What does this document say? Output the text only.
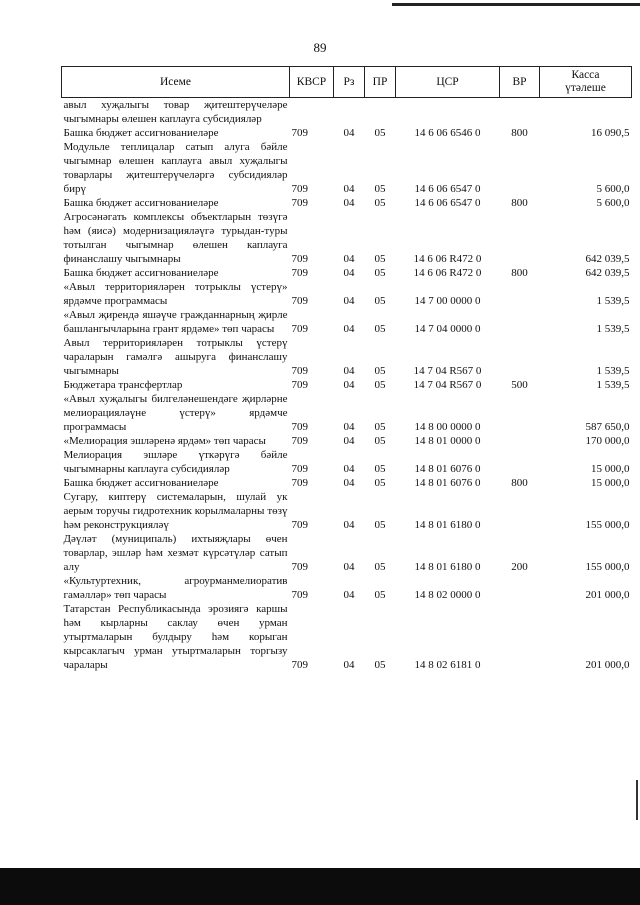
89
Исеме	КВСР	Рз	ПР	ЦСР	ВР	Касса
үтәлеше

авыл хуҗалыгы товар җитештерүчеләре чыгымнары өлешен каплауга субсидияләр						
Башка бюджет ассигнованиеләре	709	04	05	14 6 06 6546 0	800	16 090,5
Модульле теплицалар сатып алуга бәйле чыгымнар өлешен каплауга авыл хуҗалыгы товарлары җитештерүчеләргә субсидияләр бирү	709	04	05	14 6 06 6547 0		5 600,0
Башка бюджет ассигнованиеләре	709	04	05	14 6 06 6547 0	800	5 600,0
Агросәнәгать комплексы объектларын төзүгә һәм (яисә) модернизацияләүгә турыдан-туры тотылган чыгымнар өлешен каплауга финанслашу чыгымнары	709	04	05	14 6 06 R472 0		642 039,5
Башка бюджет ассигнованиеләре	709	04	05	14 6 06 R472 0	800	642 039,5
«Авыл территорияләрен тотрыклы үстерү» ярдәмче программасы	709	04	05	14 7 00 0000 0		1 539,5
«Авыл җирендә яшәүче гражданнарның җирле башлангычларына грант ярдәме» төп чарасы	709	04	05	14 7 04 0000 0		1 539,5
Авыл территорияләрен тотрыклы үстерү чараларын гамәлгә ашыруга финанслашу чыгымнары	709	04	05	14 7 04 R567 0		1 539,5
Бюджетара трансфертлар	709	04	05	14 7 04 R567 0	500	1 539,5
«Авыл хуҗалыгы билгеләнешендәге җирләрне мелиорацияләүне үстерү» ярдәмче программасы	709	04	05	14 8 00 0000 0		587 650,0
«Мелиорация эшләренә ярдәм» төп чарасы	709	04	05	14 8 01 0000 0		170 000,0
Мелиорация эшләре үткәрүгә бәйле чыгымнарны каплауга субсидияләр	709	04	05	14 8 01 6076 0		15 000,0
Башка бюджет ассигнованиеләре	709	04	05	14 8 01 6076 0	800	15 000,0
Сугару, киптерү системаларын, шулай ук аерым торучы гидротехник корылмаларны төзү һәм реконструкцияләү	709	04	05	14 8 01 6180 0		155 000,0
Дәүләт (муниципаль) ихтыяҗлары өчен товарлар, эшләр һәм хезмәт күрсәтүләр сатып алу	709	04	05	14 8 01 6180 0	200	155 000,0
«Культуртехник, агроурманмелиоратив гамәлләр» төп чарасы	709	04	05	14 8 02 0000 0		201 000,0
Татарстан Республикасында эрозиягә каршы һәм кырларны саклау өчен урман утыртмаларын булдыру һәм корыган кырсаклагыч урман утыртмаларын торгызу чаралары	709	04	05	14 8 02 6181 0		201 000,0
